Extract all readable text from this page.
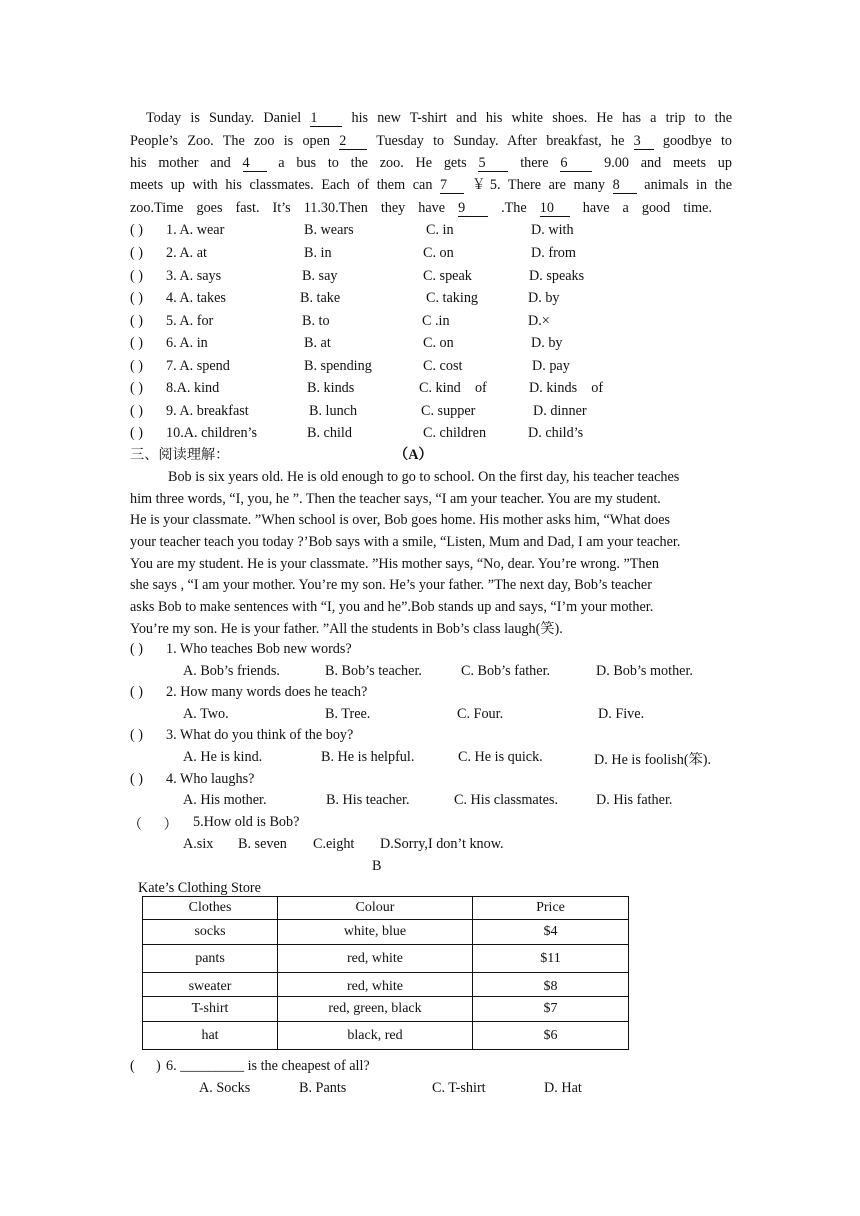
Today is Sunday. Daniel 1 his new T-shirt and his white shoes. He has a trip to the
People’s Zoo. The zoo is open 2 Tuesday to Sunday. After breakfast, he 3 goodbye to
his mother and 4 a bus to the zoo. He gets 5 there 6	9.00 and meets up
meets up with his classmates. Each of them can 7 ￥5. There are many 8 animals in the
zoo.Time goes fast. It’s 11.30.Then they have 9	.The 10 have a good time.
( ) 1. A. wear	B. wears	C. in	D. with
( ) 2. A. at	B. in	C. on	D. from
( ) 3. A. says	B. say	C. speak	D. speaks
( ) 4. A. takes	B. take	C. taking	D. by
( ) 5. A. for	B. to	C .in	D.×
( ) 6. A. in	B. at	C. on	D. by
( ) 7. A. spend	B. spending	C. cost	D. pay
( ) 8.A. kind	B. kinds	C. kind    of	D. kinds    of
( ) 9. A. breakfast	B. lunch	C. supper	D. dinner
( ) 10.A. children’s	B. child	C. children	D. child’s
三、阅读理解：	（A）
Bob is six years old. He is old enough to go to school. On the first day, his teacher teaches
him three words, “I, you, he ”. Then the teacher says, “I am your teacher. You are my student.
He is your classmate. ”When school is over, Bob goes home. His mother asks him, “What does
your teacher teach you today ?’Bob says with a smile, “Listen, Mum and Dad, I am your teacher.
You are my student. He is your classmate. ”His mother says, “No, dear. You’re wrong. ”Then
she says , “I am your mother. You’re my son. He’s your father. ”The next day, Bob’s teacher
asks Bob to make sentences with “I, you and he”.Bob stands up and says, “I’m your mother.
You’re my son. He is your father. ”All the students in Bob’s class laugh(笑).
( ) 1. Who teaches Bob new words?
A. Bob’s friends.	B. Bob’s teacher.	C. Bob’s father.	D. Bob’s mother.
( ) 2. How many words does he teach?
A. Two.	B. Tree.	C. Four.	D. Five.
( ) 3. What do you think of the boy?
A. He is kind.	B. He is helpful.	C. He is quick.	D. He is foolish(笨).
( ) 4. Who laughs?
A. His mother.	B. His teacher.	C. His classmates.	D. His father.
（      ） 5.How old is Bob?
A.six B. seven C.eight D.Sorry,I don’t know.
B
Kate’s Clothing Store
Clothes	Colour	Price
socks	white, blue	$4
pants	red, white	$11
sweater	red, white	$8
T-shirt	red, green, black	$7
hat	black, red	$6
(      ) 6. _________ is the cheapest of all?
A. Socks	B. Pants	C. T-shirt	D. Hat
